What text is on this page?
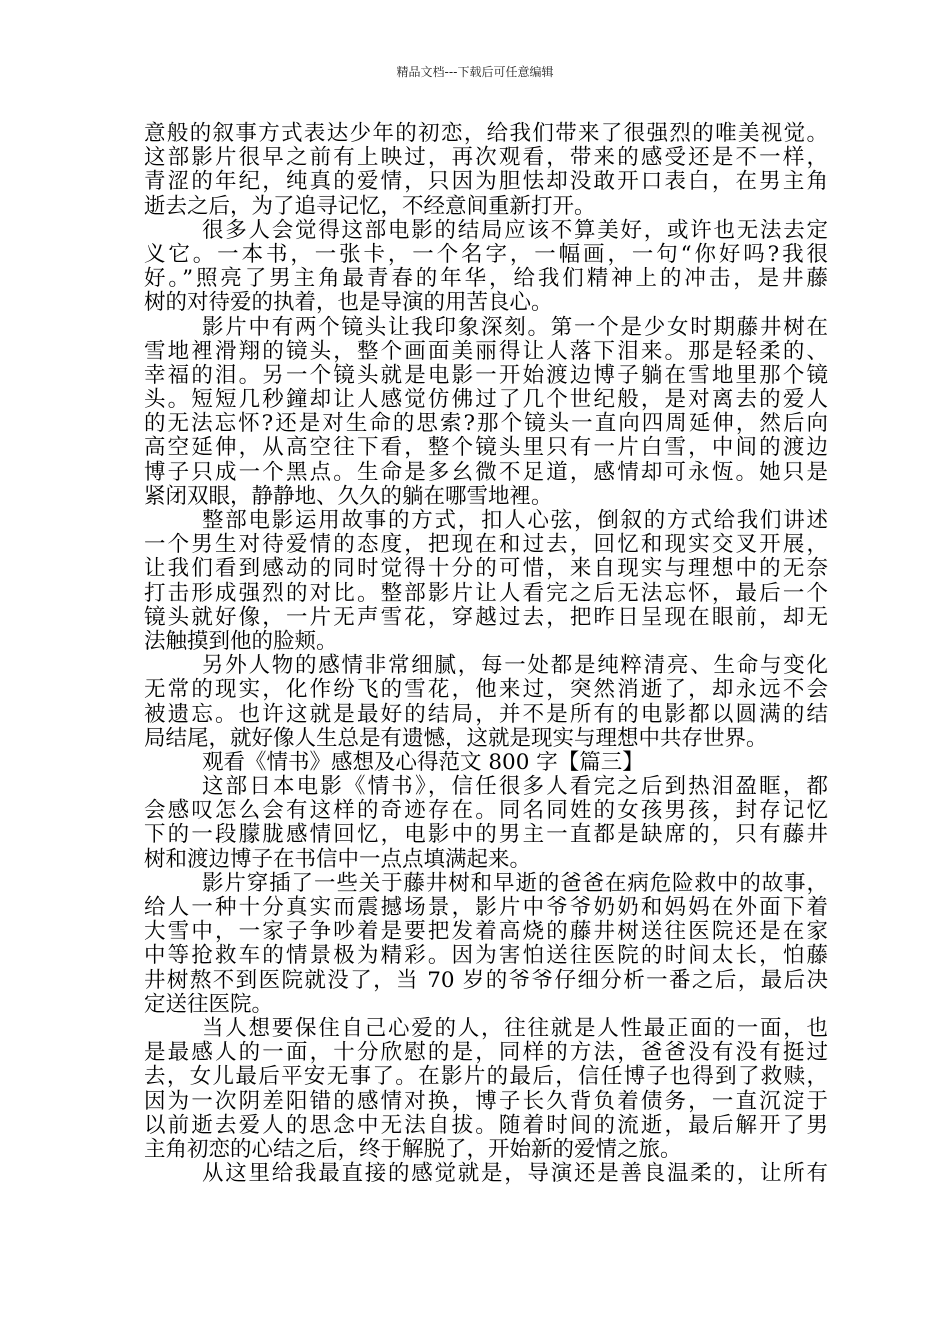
精品文档---下载后可任意编辑
意般的叙事方式表达少年的初恋，给我们带来了很强烈的唯美视觉。
这部影片很早之前有上映过，再次观看，带来的感受还是不一样，
青涩的年纪，纯真的爱情，只因为胆怯却没敢开口表白，在男主角
逝去之后，为了追寻记忆，不经意间重新打开。
很多人会觉得这部电影的结局应该不算美好，或许也无法去定
义它。一本书，一张卡，一个名字，一幅画，一句“你好吗?我很
好。”照亮了男主角最青春的年华，给我们精神上的冲击，是井藤
树的对待爱的执着，也是导演的用苦良心。
影片中有两个镜头让我印象深刻。第一个是少女时期藤井树在
雪地裡滑翔的镜头，整个画面美丽得让人落下泪来。那是轻柔的、
幸福的泪。另一个镜头就是电影一开始渡边博子躺在雪地里那个镜
头。短短几秒鐘却让人感觉仿佛过了几个世纪般，是对离去的爱人
的无法忘怀?还是对生命的思索?那个镜头一直向四周延伸，然后向
高空延伸，从高空往下看，整个镜头里只有一片白雪，中间的渡边
博子只成一个黑点。生命是多幺微不足道，感情却可永恆。她只是
紧闭双眼，静静地、久久的躺在哪雪地裡。
整部电影运用故事的方式，扣人心弦，倒叙的方式给我们讲述
一个男生对待爱情的态度，把现在和过去，回忆和现实交叉开展，
让我们看到感动的同时觉得十分的可惜，来自现实与理想中的无奈
打击形成强烈的对比。整部影片让人看完之后无法忘怀，最后一个
镜头就好像，一片无声雪花，穿越过去，把昨日呈现在眼前，却无
法触摸到他的脸颊。
另外人物的感情非常细腻，每一处都是纯粹清亮、生命与变化
无常的现实，化作纷飞的雪花，他来过，突然消逝了，却永远不会
被遗忘。也许这就是最好的结局，并不是所有的电影都以圆满的结
局结尾，就好像人生总是有遗憾，这就是现实与理想中共存世界。
观看《情书》感想及心得范文 800 字【篇三】
这部日本电影《情书》，信任很多人看完之后到热泪盈眶，都
会感叹怎么会有这样的奇迹存在。同名同姓的女孩男孩，封存记忆
下的一段朦胧感情回忆，电影中的男主一直都是缺席的，只有藤井
树和渡边博子在书信中一点点填满起来。
影片穿插了一些关于藤井树和早逝的爸爸在病危险救中的故事，
给人一种十分真实而震撼场景，影片中爷爷奶奶和妈妈在外面下着
大雪中，一家子争吵着是要把发着高烧的藤井树送往医院还是在家
中等抢救车的情景极为精彩。因为害怕送往医院的时间太长，怕藤
井树熬不到医院就没了，当 70 岁的爷爷仔细分析一番之后，最后决
定送往医院。
当人想要保住自己心爱的人，往往就是人性最正面的一面，也
是最感人的一面，十分欣慰的是，同样的方法，爸爸没有没有挺过
去，女儿最后平安无事了。在影片的最后，信任博子也得到了救赎，
因为一次阴差阳错的感情对换，博子长久背负着债务，一直沉淀于
以前逝去爱人的思念中无法自拔。随着时间的流逝，最后解开了男
主角初恋的心结之后，终于解脱了，开始新的爱情之旅。
从这里给我最直接的感觉就是，导演还是善良温柔的，让所有
